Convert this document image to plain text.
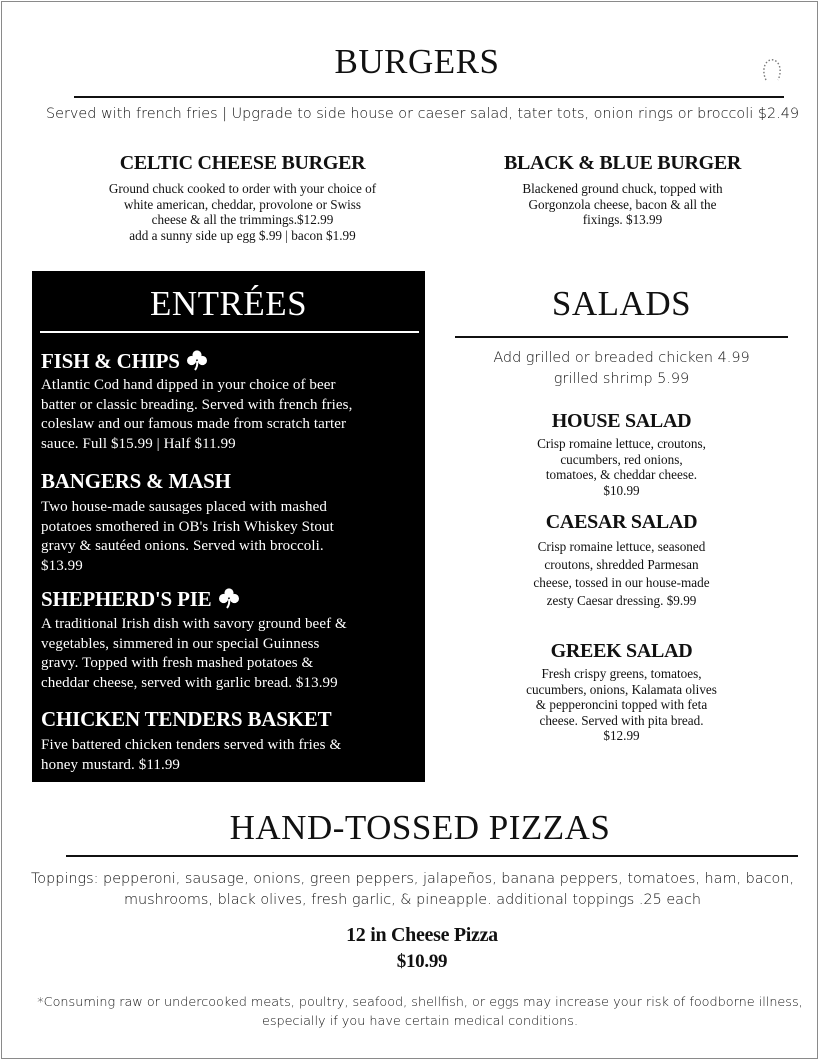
BURGERS
Served with french fries | Upgrade to side house or caeser salad, tater tots, onion rings or broccoli $2.49
CELTIC CHEESE BURGER
Ground chuck cooked to order with your choice of
white american, cheddar, provolone or Swiss
cheese & all the trimmings.$12.99
add a sunny side up egg $.99 | bacon $1.99
BLACK & BLUE BURGER
Blackened ground chuck, topped with
Gorgonzola cheese, bacon & all the
fixings. $13.99
ENTRÉES
FISH & CHIPS
Atlantic Cod hand dipped in your choice of beer
batter or classic breading. Served with french fries,
coleslaw and our famous made from scratch tarter
sauce. Full $15.99 | Half $11.99
BANGERS & MASH
Two house-made sausages placed with mashed
potatoes smothered in OB's Irish Whiskey Stout
gravy & sautéed onions. Served with broccoli.
$13.99
SHEPHERD'S PIE
A traditional Irish dish with savory ground beef &
vegetables, simmered in our special Guinness
gravy. Topped with fresh mashed potatoes &
cheddar cheese, served with garlic bread. $13.99
CHICKEN TENDERS BASKET
Five battered chicken tenders served with fries &
honey mustard. $11.99
SALADS
Add grilled or breaded chicken 4.99
grilled shrimp 5.99
HOUSE SALAD
Crisp romaine lettuce, croutons,
cucumbers, red onions,
tomatoes, & cheddar cheese.
$10.99
CAESAR SALAD
Crisp romaine lettuce, seasoned
croutons, shredded Parmesan
cheese, tossed in our house-made
zesty Caesar dressing. $9.99
GREEK SALAD
Fresh crispy greens, tomatoes,
cucumbers, onions, Kalamata olives
& pepperoncini topped with feta
cheese. Served with pita bread.
$12.99
HAND-TOSSED PIZZAS
Toppings: pepperoni, sausage, onions, green peppers, jalapeños, banana peppers, tomatoes, ham, bacon,
mushrooms, black olives, fresh garlic, & pineapple. additional toppings .25 each
12 in Cheese Pizza
$10.99
*Consuming raw or undercooked meats, poultry, seafood, shellfish, or eggs may increase your risk of foodborne illness,
especially if you have certain medical conditions.
